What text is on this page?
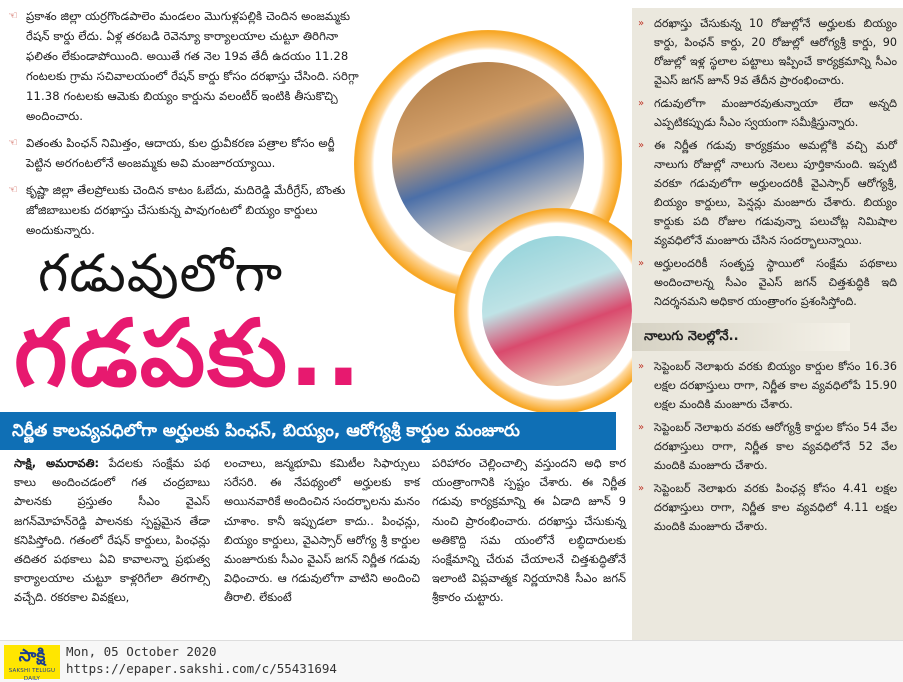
☜ ప్రకాశం జిల్లా యర్రగొండపాలెం మండలం మొగుళ్లపల్లికి చెందిన అంజమ్మకు రేషన్ కార్డు లేదు. ఏళ్ల తరబడి రెవెన్యూ కార్యాలయాల చుట్టూ తిరిగినా ఫలితం లేకుండాపోయింది. అయితే గత నెల 19వ తేదీ ఉదయం 11.28 గంటలకు గ్రామ సచివాలయంలో రేషన్ కార్డు కోసం దరఖాస్తు చేసింది. సరిగ్గా 11.38 గంటలకు ఆమెకు బియ్యం కార్డును వలంటీర్ ఇంటికి తీసుకొచ్చి అందించారు.
☜ వితంతు పింఛన్ నిమిత్తం, ఆదాయ, కుల ధ్రువీకరణ పత్రాల కోసం అర్జీ పెట్టిన అరగంటలోనే అంజమ్మకు అవి మంజూరయ్యాయి.
☜ కృష్ణా జిల్లా తేలప్రోలుకు చెందిన కాటం ఓబేదు, మదిరెడ్డి మేరీగ్రేస్, బొంతు జోజిబాబులకు దరఖాస్తు చేసుకున్న పావుగంటలో బియ్యం కార్డులు అందుకున్నారు.
గడువులోగా
గడపకు..
నిర్ణీత కాలవ్యవధిలోగా అర్హులకు పింఛన్, బియ్యం, ఆరోగ్యశ్రీ కార్డుల మంజూరు
సాక్షి, అమరావతి: పేదలకు సంక్షేమ పథ కాలు అందించడంలో గత చంద్రబాబు పాలనకు ప్రస్తుతం సీఎం వైఎస్ జగన్‌మోహన్‌రెడ్డి పాలనకు స్పష్టమైన తేడా కనిపిస్తోంది. గతంలో రేషన్ కార్డులు, పింఛన్లు తదితర పథకాలు ఏవి కావాలన్నా ప్రభుత్వ కార్యాలయాల చుట్టూ కాళ్లరిగేలా తిరగాల్సి వచ్చేది. రకరకాల వివక్షలు,
లంచాలు, జన్మభూమి కమిటీల సిఫార్సులు సరేసరి. ఈ నేపథ్యంలో అర్హులకు కాక అయినవారికే అందించిన సందర్భాలను మనం చూశాం. కానీ ఇప్పుడలా కాదు.. పింఛన్లు, బియ్యం కార్డులు, వైఎస్సార్ ఆరోగ్య శ్రీ కార్డుల మంజూరుకు సీఎం వైఎస్ జగన్ నిర్ణీత గడువు విధించారు. ఆ గడువులోగా వాటిని అందించి తీరాలి. లేకుంటే
పరిహారం చెల్లించాల్సి వస్తుందని అధి కార యంత్రాంగానికి స్పష్టం చేశారు. ఈ నిర్ణీత గడువు కార్యక్రమాన్ని ఈ ఏడాది జూన్ 9 నుంచి ప్రారంభించారు. దరఖాస్తు చేసుకున్న అతికొద్ది సమ యంలోనే లబ్ధిదారులకు సంక్షేమాన్ని చేరువ చేయాలనే చిత్తశుద్ధితోనే ఇలాంటి విప్లవాత్మక నిర్ణయానికి సీఎం జగన్ శ్రీకారం చుట్టారు.
» దరఖాస్తు చేసుకున్న 10 రోజుల్లోనే అర్హులకు బియ్యం కార్డు, పింఛన్ కార్డు, 20 రోజుల్లో ఆరోగ్యశ్రీ కార్డు, 90 రోజుల్లో ఇళ్ల స్థలాల పట్టాలు ఇప్పించే కార్యక్రమాన్ని సీఎం వైఎస్ జగన్ జూన్ 9వ తేదీన ప్రారంభించారు.
» గడువులోగా మంజూరవుతున్నాయా లేదా అన్నది ఎప్పటికప్పుడు సీఎం స్వయంగా సమీక్షిస్తున్నారు.
» ఈ నిర్ణీత గడువు కార్యక్రమం అమల్లోకి వచ్చి మరో నాలుగు రోజుల్లో నాలుగు నెలలు పూర్తికానుంది. ఇప్పటి వరకూ గడువులోగా అర్హులందరికీ వైఎస్సార్ ఆరోగ్యశ్రీ, బియ్యం కార్డులు, పెన్షన్లు మంజూరు చేశారు. బియ్యం కార్డుకు పది రోజుల గడువున్నా పలుచోట్ల నిమిషాల వ్యవధిలోనే మంజూరు చేసిన సందర్భాలున్నాయి.
» అర్హులందరికీ సంతృప్త స్థాయిలో సంక్షేమ పథకాలు అందించాలన్న సీఎం వైఎస్ జగన్ చిత్తశుద్ధికి ఇది నిదర్శనమని అధికార యంత్రాంగం ప్రశంసిస్తోంది.
నాలుగు నెలల్లోనే..
» సెప్టెంబర్ నెలాఖరు వరకు బియ్యం కార్డుల కోసం 16.36 లక్షల దరఖాస్తులు రాగా, నిర్ణీత కాల వ్యవధిలోపే 15.90 లక్షల మందికి మంజూరు చేశారు.
» సెప్టెంబర్ నెలాఖరు వరకు ఆరోగ్యశ్రీ కార్డుల కోసం 54 వేల దరఖాస్తులు రాగా, నిర్ణీత కాల వ్యవధిలోనే 52 వేల మందికి మంజూరు చేశారు.
» సెప్టెంబర్ నెలాఖరు వరకు పింఛన్ల కోసం 4.41 లక్షల దరఖాస్తులు రాగా, నిర్ణీత కాల వ్యవధిలో 4.11 లక్షల మందికి మంజూరు చేశారు.
సాక్షి
SAKSHI TELUGU DAILY
Mon, 05 October 2020
https://epaper.sakshi.com/c/55431694
